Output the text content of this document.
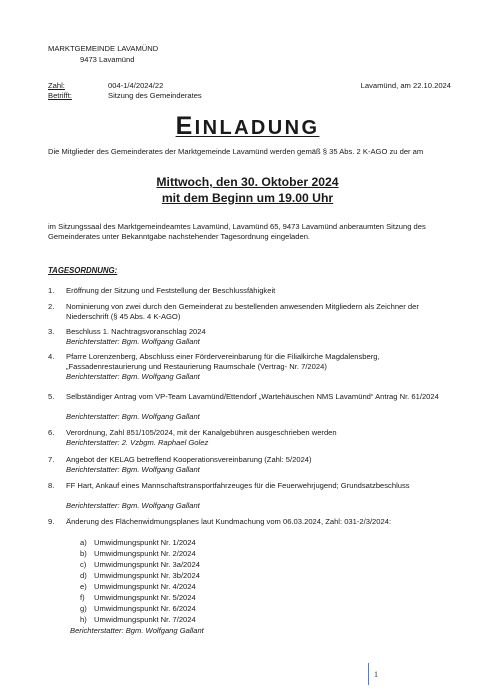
MARKTGEMEINDE LAVAMÜND
9473 Lavamünd
Zahl:	004-1/4/2024/22	Lavamünd, am 22.10.2024
Betrifft:	Sitzung des Gemeinderates
EINLADUNG
Die Mitglieder des Gemeinderates der Marktgemeinde Lavamünd werden gemäß § 35 Abs. 2 K-AGO zu der am
Mittwoch, den 30. Oktober 2024
mit dem Beginn um 19.00 Uhr
im Sitzungssaal des Marktgemeindeamtes Lavamünd, Lavamünd 65, 9473 Lavamünd anberaumten Sitzung des Gemeinderates unter Bekanntgabe nachstehender Tagesordnung eingeladen.
TAGESORDNUNG:
1. Eröffnung der Sitzung und Feststellung der Beschlussfähigkeit
2. Nominierung von zwei durch den Gemeinderat zu bestellenden anwesenden Mitgliedern als Zeichner der Niederschrift (§ 45 Abs. 4 K-AGO)
3. Beschluss 1. Nachtragsvoranschlag 2024
Berichterstatter: Bgm. Wolfgang Gallant
4. Pfarre Lorenzenberg, Abschluss einer Fördervereinbarung für die Filialkirche Magdalensberg, „Fassadenrestaurierung und Restaurierung Raumschale (Vertrag- Nr. 7/2024)
Berichterstatter: Bgm. Wolfgang Gallant
5. Selbständiger Antrag vom VP-Team Lavamünd/Ettendorf „Wartehäuschen NMS Lavamünd“ Antrag Nr. 61/2024
Berichterstatter: Bgm. Wolfgang Gallant
6. Verordnung, Zahl 851/105/2024, mit der Kanalgebühren ausgeschrieben werden
Berichterstatter: 2. Vzbgm. Raphael Golez
7. Angebot der KELAG betreffend Kooperationsvereinbarung (Zahl: 5/2024)
Berichterstatter: Bgm. Wolfgang Gallant
8. FF Hart, Ankauf eines Mannschaftstransportfahrzeuges für die Feuerwehrjugend; Grundsatzbeschluss
Berichterstatter: Bgm. Wolfgang Gallant
9. Änderung des Flächenwidmungsplanes laut Kundmachung vom 06.03.2024, Zahl: 031-2/3/2024:
a) Umwidmungspunkt Nr. 1/2024
b) Umwidmungspunkt Nr. 2/2024
c) Umwidmungspunkt Nr. 3a/2024
d) Umwidmungspunkt Nr. 3b/2024
e) Umwidmungspunkt Nr. 4/2024
f) Umwidmungspunkt Nr. 5/2024
g) Umwidmungspunkt Nr. 6/2024
h) Umwidmungspunkt Nr. 7/2024
Berichterstatter: Bgm. Wolfgang Gallant
1
